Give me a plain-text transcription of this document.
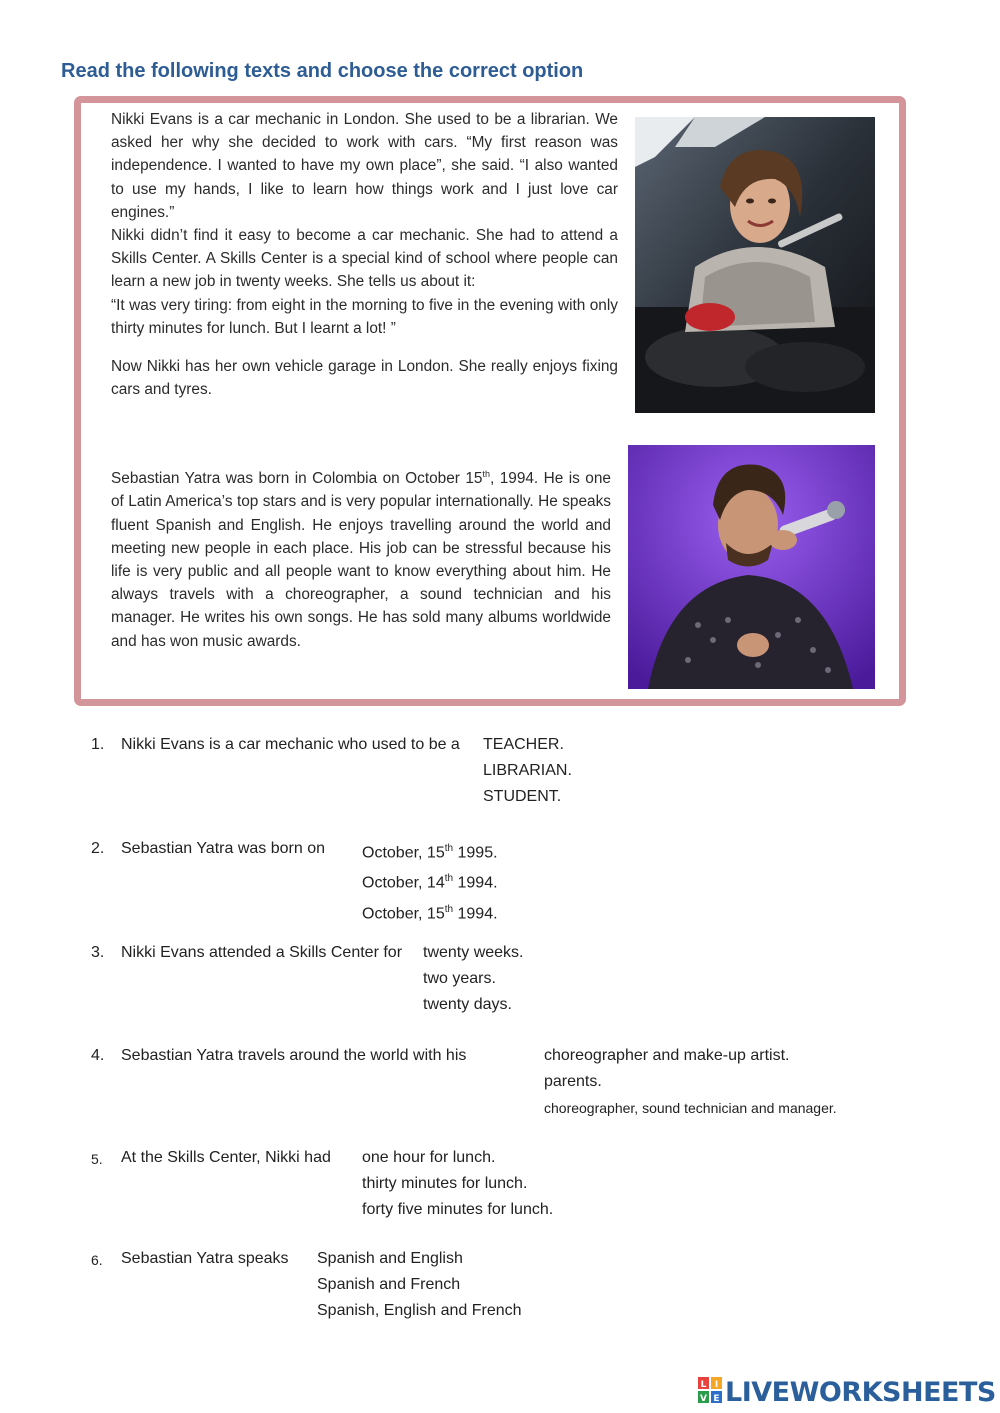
Read the following texts and choose the correct option

Nikki Evans is a car mechanic in London. She used to be a librarian. We asked her why she decided to work with cars. “My first reason was independence. I wanted to have my own place”, she said. “I also wanted to use my hands, I like to learn how things work and I just love car engines.”

Nikki didn’t find it easy to become a car mechanic. She had to attend a Skills Center. A Skills Center is a special kind of school where people can learn a new job in twenty weeks. She tells us about it:

“It was very tiring: from eight in the morning to five in the evening with only thirty minutes for lunch. But I learnt a lot! ”

Now Nikki has her own vehicle garage in London. She really enjoys fixing cars and tyres.

Sebastian Yatra was born in Colombia on October 15th, 1994. He is one of Latin America’s top stars and is very popular internationally. He speaks fluent Spanish and English. He enjoys travelling around the world and meeting new people in each place. His job can be stressful because his life is very public and all people want to know everything about him. He always travels with a choreographer, a sound technician and his manager. He writes his own songs. He has sold many albums worldwide and has won music awards.

1. Nikki Evans is a car mechanic who used to be a TEACHER.
LIBRARIAN.
STUDENT.
2. Sebastian Yatra was born on October, 15th 1995.
October, 14th 1994.
October, 15th 1994.
3. Nikki Evans attended a Skills Center for twenty weeks.
two years.
twenty days.
4. Sebastian Yatra travels around the world with his	choreographer and make-up artist.
parents.
choreographer, sound technician and manager.
5. At the Skills Center, Nikki had one hour for lunch.
thirty minutes for lunch.
forty five minutes for lunch.
6. Sebastian Yatra speaks Spanish and English
Spanish and French
Spanish, English and French
L I
V E LIVEWORKSHEETS
